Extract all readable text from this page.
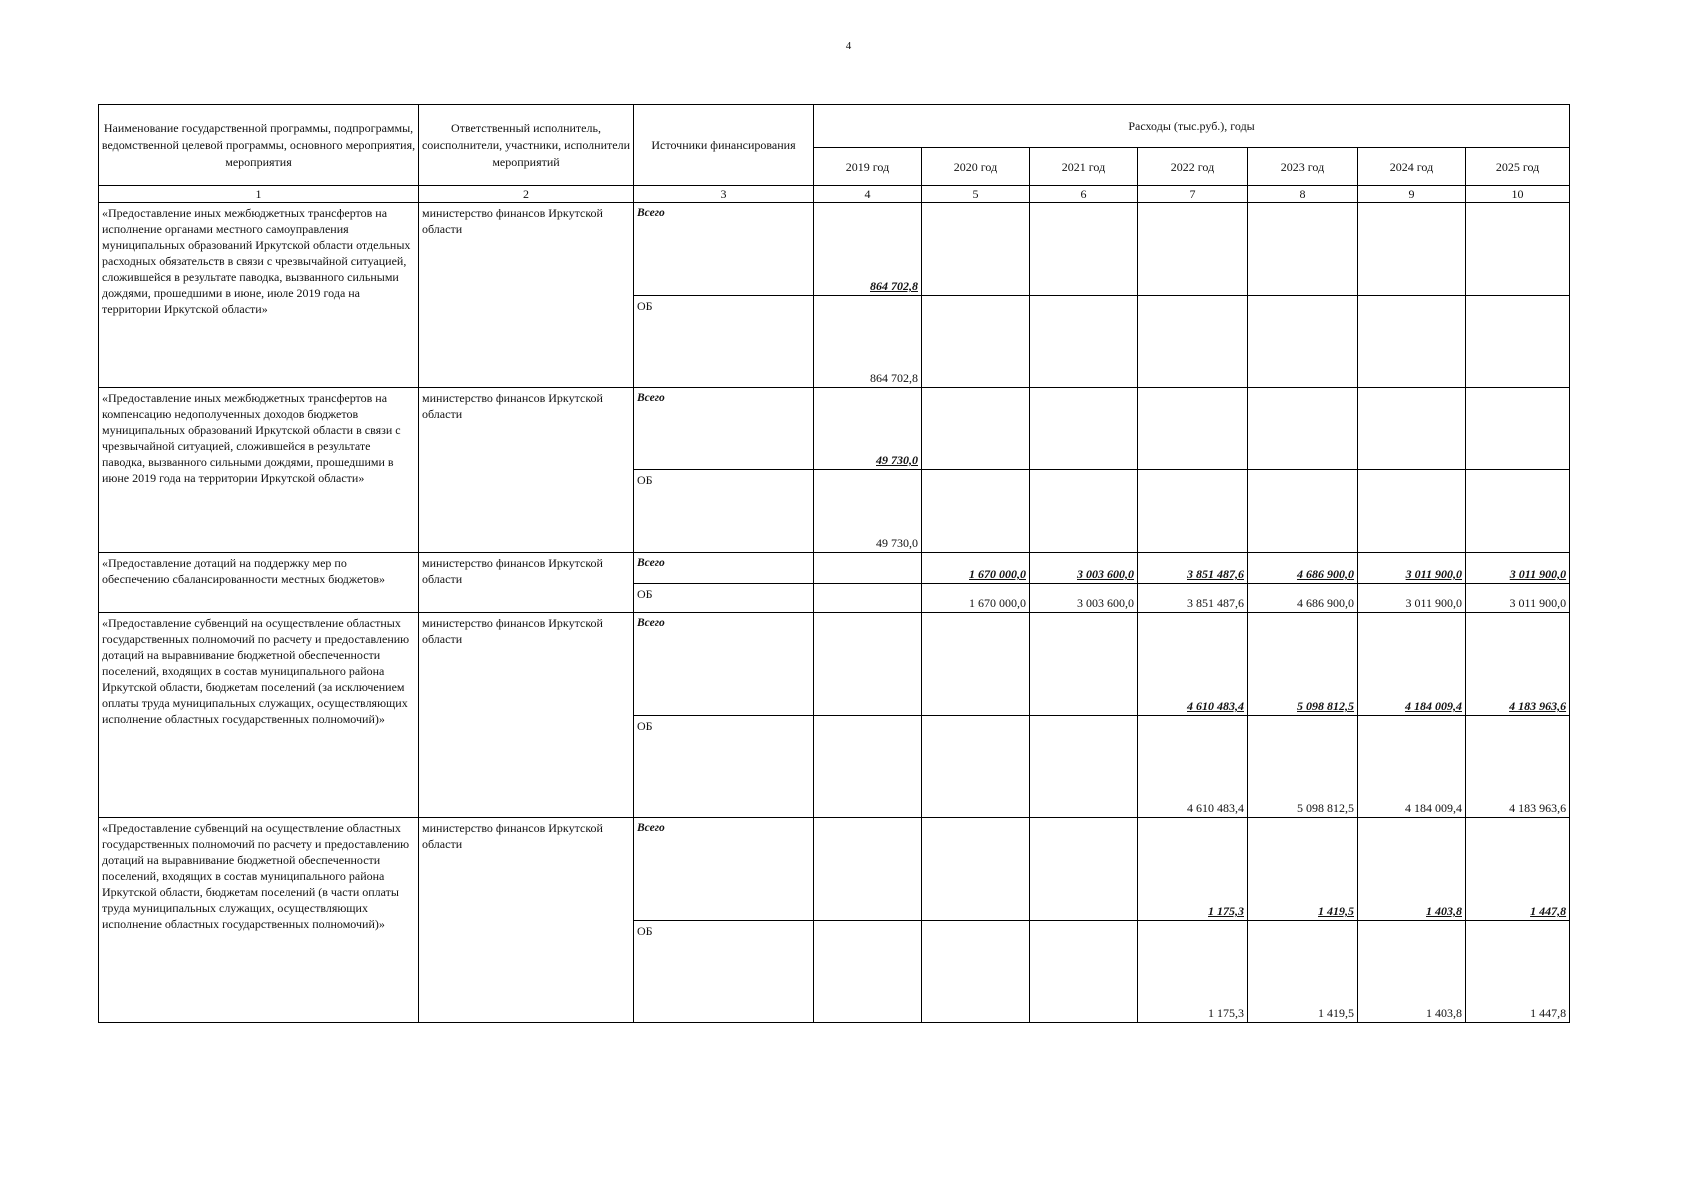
4
Наименование государственной программы, подпрограммы, ведомственной целевой программы, основного мероприятия, мероприятия	Ответственный исполнитель, соисполнители, участники, исполнители мероприятий	Источники финансирования	Расходы (тыс.руб.), годы						
			2019 год	2020 год	2021 год	2022 год	2023 год	2024 год	2025 год
1	2	3	4	5	6	7	8	9	10
«Предоставление иных межбюджетных трансфертов на исполнение органами местного самоуправления муниципальных образований Иркутской области отдельных расходных обязательств в связи с чрезвычайной ситуацией, сложившейся в результате паводка, вызванного сильными дождями, прошедшими в июне, июле 2019 года на территории Иркутской области»	министерство финансов Иркутской области	Всего	864 702,8						
		ОБ	864 702,8						
«Предоставление иных межбюджетных трансфертов на компенсацию недополученных доходов бюджетов муниципальных образований Иркутской области в связи с чрезвычайной ситуацией, сложившейся в результате паводка, вызванного сильными дождями, прошедшими в июне 2019 года на территории Иркутской области»	министерство финансов Иркутской области	Всего	49 730,0						
		ОБ	49 730,0						
«Предоставление дотаций на поддержку мер по обеспечению сбалансированности местных бюджетов»	министерство финансов Иркутской области	Всего		1 670 000,0	3 003 600,0	3 851 487,6	4 686 900,0	3 011 900,0	3 011 900,0
		ОБ		1 670 000,0	3 003 600,0	3 851 487,6	4 686 900,0	3 011 900,0	3 011 900,0
«Предоставление субвенций на осуществление областных государственных полномочий по расчету и предоставлению дотаций на выравнивание бюджетной обеспеченности поселений, входящих в состав муниципального района Иркутской области, бюджетам поселений (за исключением оплаты труда муниципальных служащих, осуществляющих исполнение областных государственных полномочий)»	министерство финансов Иркутской области	Всего				4 610 483,4	5 098 812,5	4 184 009,4	4 183 963,6
		ОБ				4 610 483,4	5 098 812,5	4 184 009,4	4 183 963,6
«Предоставление субвенций на осуществление областных государственных полномочий по расчету и предоставлению дотаций на выравнивание бюджетной обеспеченности поселений, входящих в состав муниципального района Иркутской области, бюджетам поселений (в части оплаты труда муниципальных служащих, осуществляющих исполнение областных государственных полномочий)»	министерство финансов Иркутской области	Всего				1 175,3	1 419,5	1 403,8	1 447,8
		ОБ				1 175,3	1 419,5	1 403,8	1 447,8
